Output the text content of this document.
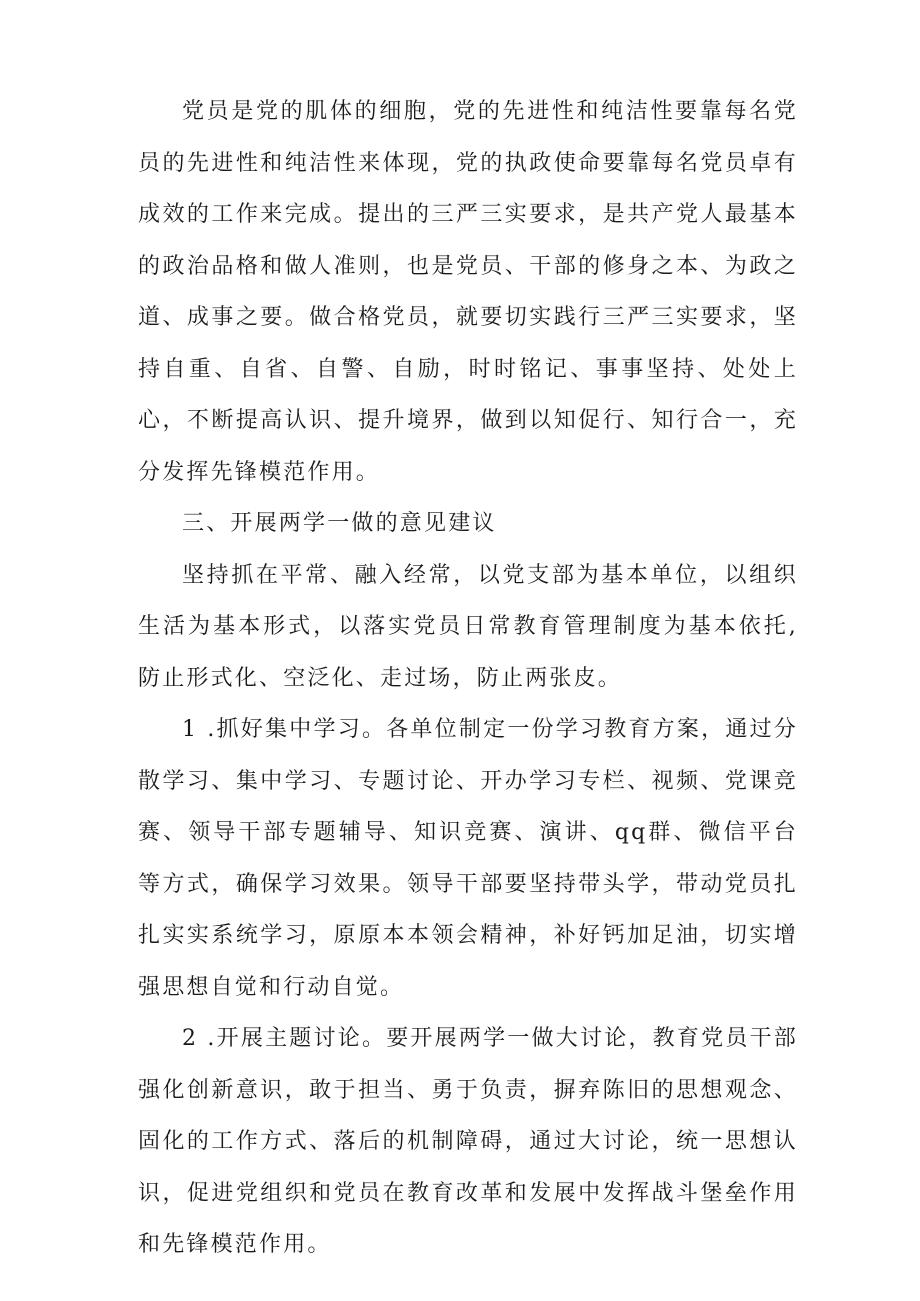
党员是党的肌体的细胞，党的先进性和纯洁性要靠每名党员的先进性和纯洁性来体现，党的执政使命要靠每名党员卓有成效的工作来完成。提出的三严三实要求，是共产党人最基本的政治品格和做人准则，也是党员、干部的修身之本、为政之道、成事之要。做合格党员，就要切实践行三严三实要求，坚持自重、自省、自警、自励，时时铭记、事事坚持、处处上心，不断提高认识、提升境界，做到以知促行、知行合一，充分发挥先锋模范作用。

三、开展两学一做的意见建议

坚持抓在平常、融入经常，以党支部为基本单位，以组织生活为基本形式，以落实党员日常教育管理制度为基本依托,防止形式化、空泛化、走过场，防止两张皮。

1 .抓好集中学习。各单位制定一份学习教育方案，通过分散学习、集中学习、专题讨论、开办学习专栏、视频、党课竞赛、领导干部专题辅导、知识竞赛、演讲、qq群、微信平台等方式，确保学习效果。领导干部要坚持带头学，带动党员扎扎实实系统学习，原原本本领会精神，补好钙加足油，切实增强思想自觉和行动自觉。

2 .开展主题讨论。要开展两学一做大讨论，教育党员干部强化创新意识，敢于担当、勇于负责，摒弃陈旧的思想观念、固化的工作方式、落后的机制障碍，通过大讨论，统一思想认识，促进党组织和党员在教育改革和发展中发挥战斗堡垒作用和先锋模范作用。
